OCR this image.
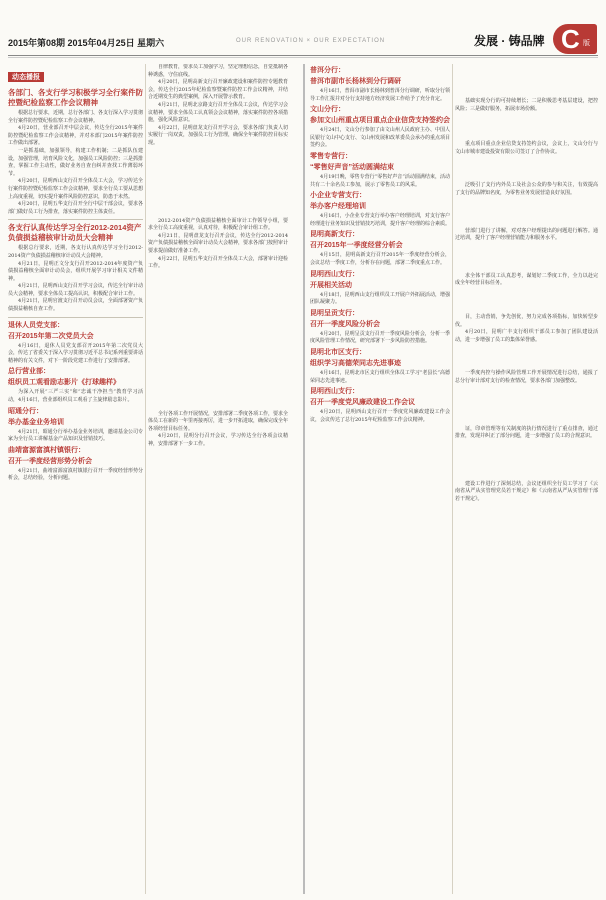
2015年第08期 2015年04月25日 星期六	OUR RENOVATION × OUR EXPECTATION	发展 · 铸品牌 C 版
动态播报
各部门、各支行学习积极学习全行案件防控暨纪检监察工作会议精神

根据总行要求，近期，总行各部门、各支行深入学习贯彻全行案件防控暨纪检监察工作会议精神。

4月20日，营业部召开中层会议，传达全行2015年案件防控暨纪检监察工作会议精神，并对本部门2015年案件防控工作做出部署。

一是抓基础，加强领导，构建工作机制；二是抓队伍建设，加强管理，培育风险文化，加强员工风险防控；三是抓排查，掌握工作主动性，做好业务自查自纠并查找工作薄弱环节。

4月20日，昆明西山支行召开全体员工大会，学习传达全行案件防控暨纪检监察工作会议精神，要求全行员工要从思想上高度重视，切实提升案件风险防控意识，防患于未然。

4月20日，昆明五华支行召开全行中层干部会议，要求各部门做好员工行为排查，落实案件防控主体责任。

各支行认真传达学习全行2012-2014资产负债损益稽核审计动员大会精神

根据总行要求，近期，各支行认真传达学习全行2012-2014资产负债损益稽核审计动员大会精神。

4月21日，昆明正文分支行召开2012-2014年度资产负债损益稽核全面审计动员会，组织开展学习审计相关文件精神。

4月21日，昆明西山支行召开学习会议，传达全行审计动员大会精神，要求全体员工提高认识，积极配合审计工作。

4月21日，昆明官渡支行召开动员会议，全面部署资产负债损益稽核自查工作。

退休人员党支部：
召开2015年第二次党员大会

4月16日，退休人员党支部召开2015年第二次党员大会，传达了省委关于深入学习贯彻习近平总书记系列重要讲话精神的有关文件，对下一阶段党建工作进行了安排部署。

总行营业部：
组织员工观看励志影片《打球趣样》

为深入开展“三严三实”和“忠诚干净担当”教育学习活动，4月16日，营业部组织员工观看了主旋律励志影片。

昭通分行：
举办基金业务培训

4月21日，昭通分行举办基金业务培训，邀请基金公司专家为全行员工讲解基金产品知识及营销技巧。

曲靖富源富滇村镇银行：
召开一季度经营形势分析会

4月21日，曲靖富源富滇村镇银行召开一季度经营形势分析会，总结经验，分析问题。

自律教育，要求员工加强学习，坚定理想信念，自觉抵制各种诱惑，守住底线。

4月20日，昆明高新支行召开廉政建设和案件防控专题教育会，传达全行2015年纪检监察暨案件防控工作会议精神，并结合近期发生的典型案例，深入开展警示教育。

4月21日，昆明北京路支行召开全体员工会议，传达学习会议精神，要求全体员工认真领会会议精神，落实案件防控各项措施，强化风险意识。

4月22日，昆明盘龙支行召开学习会，要求各部门负责人切实履行一岗双责，加强员工行为管理，确保全年案件防控目标实现。

2012-2014资产负债损益稽核全面审计工作领导小组，要求全行员工高度重视，认真对待，积极配合审计组工作。

4月21日，昆明盘龙支行召开会议，传达全行2012-2014资产负债损益稽核全面审计动员大会精神，要求各部门按照审计要求提前做好准备工作。

4月22日，昆明五华支行召开全体员工大会，部署审计迎检工作。

全行各项工作开展情况，安排部署二季度各项工作，要求全体员工在新的一年里再接再厉，进一步开拓进取，确保完成全年各项经营目标任务。

4月20日，昆明分行召开会议，学习传达全行各项会议精神，安排部署下一步工作。

普洱分行：
普洱市副市长杨林到分行调研

4月16日，普洱市副市长杨林到普洱分行调研，听取分行领导工作汇报并对分行支持地方经济发展工作给予了充分肯定。

文山分行：
参加文山州重点项目重点企业信贷支持签约会

4月24日，文山分行参加了由文山州人民政府主办、中国人民银行文山中心支行、文山州发展和改革委员会承办的重点项目签约会。

零售专营行：
“零售好声音”活动圆满结束

4月19日晚，零售专营行“零售好声音”活动圆满结束，活动共有二十余名员工参加，展示了零售员工的风采。

小企业专营支行：
举办客户经理培训

4月16日，小企业专营支行举办客户经理培训，对支行客户经理进行业务知识及营销技巧培训，提升客户经理的综合素质。

昆明高新支行：
召开2015年一季度经营分析会

4月15日，昆明高新支行召开2015年一季度经营分析会，会议总结一季度工作，分析存在问题，部署二季度重点工作。

昆明西山支行：
开展相关活动

4月18日，昆明西山支行组织员工开展户外拓展活动，增强团队凝聚力。

昆明呈贡支行：
召开一季度风险分析会

4月20日，昆明呈贡支行召开一季度风险分析会，分析一季度风险管理工作情况，研究部署下一步风险防控措施。

昆明北市区支行：
组织学习高德荣同志先进事迹

4月16日，昆明北市区支行组织全体员工学习“老县长”高德荣同志先进事迹。

昆明西山支行：
召开一季度党风廉政建设工作会议

4月20日，昆明西山支行召开一季度党风廉政建设工作会议，会议传达了总行2015年纪检监察工作会议精神。

基础实现分行的可持续增长；二是积极思考基层建设，把控风险；三是做好服务，拓展市场份额。

重点项目重点企业信贷支持签约会议，会议上，文山分行与文山市城市建设投资有限公司签订了合作协议。

泛吸引了支行内外员工及社会公众的参与和关注，有效提高了支行的品牌知名度，为零售业务发展营造良好氛围。

营部门进行了讲解，对对客户经理提出的问题进行解答。通过培训，提升了客户经理营销能力和服务水平。

求全体干部员工认真思考，谋划好二季度工作，全力以赴完成全年经营目标任务。

目，主动营销，争先创优，努力完成各项指标，加快转型步伐。

4月20日，昆明广丰支行组织干部员工参加了团队建设活动，进一步增强了员工的集体荣誉感。

一季度内控与操作风险管理工作开展情况进行总结，通报了总分行审计部对支行的检查情况，要求各部门加强整改。

证，印章管理等有关制度的执行情况进行了重点排查，通过排查，发现并纠正了部分问题，进一步增强了员工的合规意识。

建设工作进行了深刻总结，会议还组织全行员工学习了《云南省从严从实管理党员若干规定》和《云南省从严从实管理干部若干规定》。
